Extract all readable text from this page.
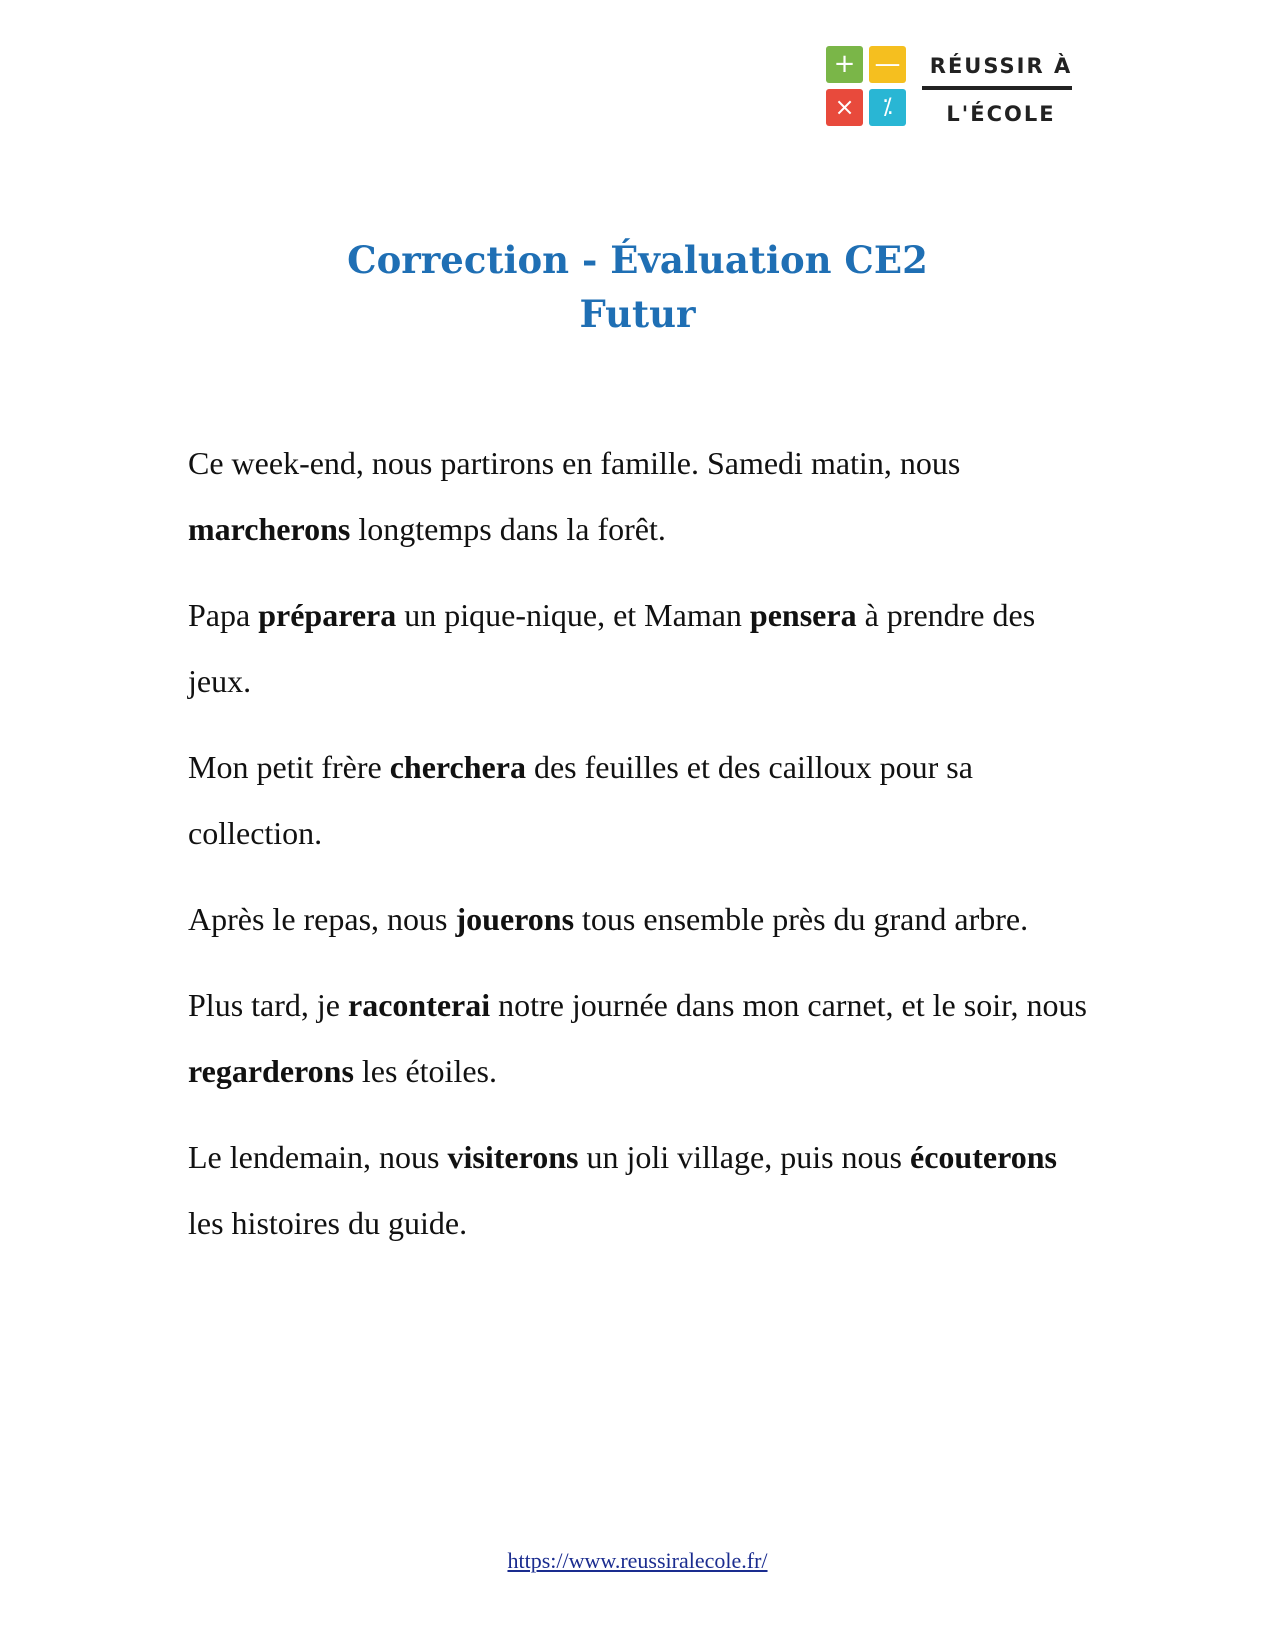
+ —
×	⁒
RÉUSSIR À
L'ÉCOLE
Correction - Évaluation CE2
Futur

Ce week-end, nous partirons en famille. Samedi matin, nous marcherons longtemps dans la forêt.

Papa préparera un pique-nique, et Maman pensera à prendre des jeux.

Mon petit frère cherchera des feuilles et des cailloux pour sa collection.

Après le repas, nous jouerons tous ensemble près du grand arbre.

Plus tard, je raconterai notre journée dans mon carnet, et le soir, nous regarderons les étoiles.

Le lendemain, nous visiterons un joli village, puis nous écouterons les histoires du guide.

https://www.reussiralecole.fr/
